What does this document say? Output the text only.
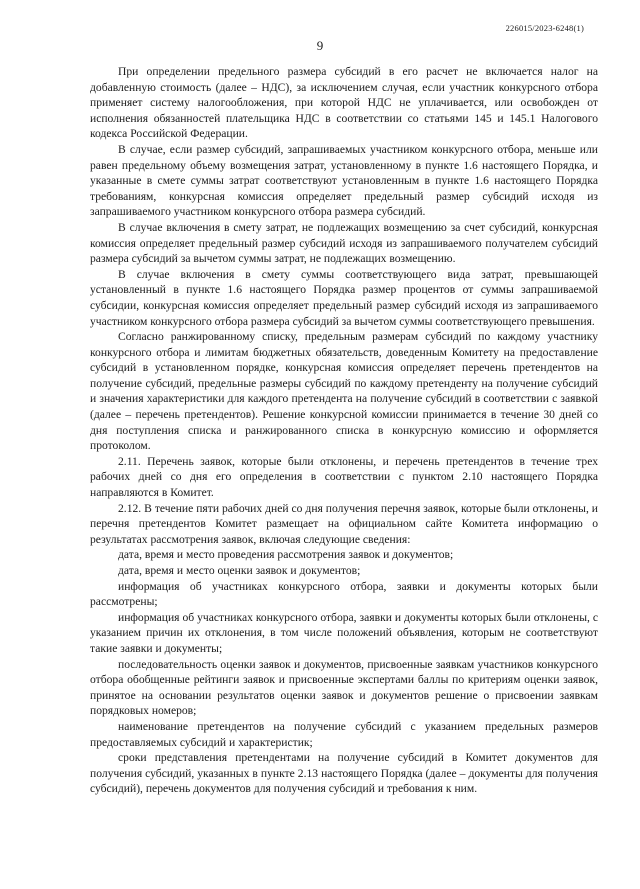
226015/2023-6248(1)
9

При определении предельного размера субсидий в его расчет не включается налог на добавленную стоимость (далее – НДС), за исключением случая, если участник конкурсного отбора применяет систему налогообложения, при которой НДС не уплачивается, или освобожден от исполнения обязанностей плательщика НДС в соответствии со статьями 145 и 145.1 Налогового кодекса Российской Федерации.

В случае, если размер субсидий, запрашиваемых участником конкурсного отбора, меньше или равен предельному объему возмещения затрат, установленному в пункте 1.6 настоящего Порядка, и указанные в смете суммы затрат соответствуют установленным в пункте 1.6 настоящего Порядка требованиям, конкурсная комиссия определяет предельный размер субсидий исходя из запрашиваемого участником конкурсного отбора размера субсидий.

В случае включения в смету затрат, не подлежащих возмещению за счет субсидий, конкурсная комиссия определяет предельный размер субсидий исходя из запрашиваемого получателем субсидий размера субсидий за вычетом суммы затрат, не подлежащих возмещению.

В случае включения в смету суммы соответствующего вида затрат, превышающей установленный в пункте 1.6 настоящего Порядка размер процентов от суммы запрашиваемой субсидии, конкурсная комиссия определяет предельный размер субсидий исходя из запрашиваемого участником конкурсного отбора размера субсидий за вычетом суммы соответствующего превышения.

Согласно ранжированному списку, предельным размерам субсидий по каждому участнику конкурсного отбора и лимитам бюджетных обязательств, доведенным Комитету на предоставление субсидий в установленном порядке, конкурсная комиссия определяет перечень претендентов на получение субсидий, предельные размеры субсидий по каждому претенденту на получение субсидий и значения характеристики для каждого претендента на получение субсидий в соответствии с заявкой (далее – перечень претендентов). Решение конкурсной комиссии принимается в течение 30 дней со дня поступления списка и ранжированного списка в конкурсную комиссию и оформляется протоколом.

2.11. Перечень заявок, которые были отклонены, и перечень претендентов в течение трех рабочих дней со дня его определения в соответствии с пунктом 2.10 настоящего Порядка направляются в Комитет.

2.12. В течение пяти рабочих дней со дня получения перечня заявок, которые были отклонены, и перечня претендентов Комитет размещает на официальном сайте Комитета информацию о результатах рассмотрения заявок, включая следующие сведения:

дата, время и место проведения рассмотрения заявок и документов;

дата, время и место оценки заявок и документов;

информация об участниках конкурсного отбора, заявки и документы которых были рассмотрены;

информация об участниках конкурсного отбора, заявки и документы которых были отклонены, с указанием причин их отклонения, в том числе положений объявления, которым не соответствуют такие заявки и документы;

последовательность оценки заявок и документов, присвоенные заявкам участников конкурсного отбора обобщенные рейтинги заявок и присвоенные экспертами баллы по критериям оценки заявок, принятое на основании результатов оценки заявок и документов решение о присвоении заявкам порядковых номеров;

наименование претендентов на получение субсидий с указанием предельных размеров предоставляемых субсидий и характеристик;

сроки представления претендентами на получение субсидий в Комитет документов для получения субсидий, указанных в пункте 2.13 настоящего Порядка (далее – документы для получения субсидий), перечень документов для получения субсидий и требования к ним.
